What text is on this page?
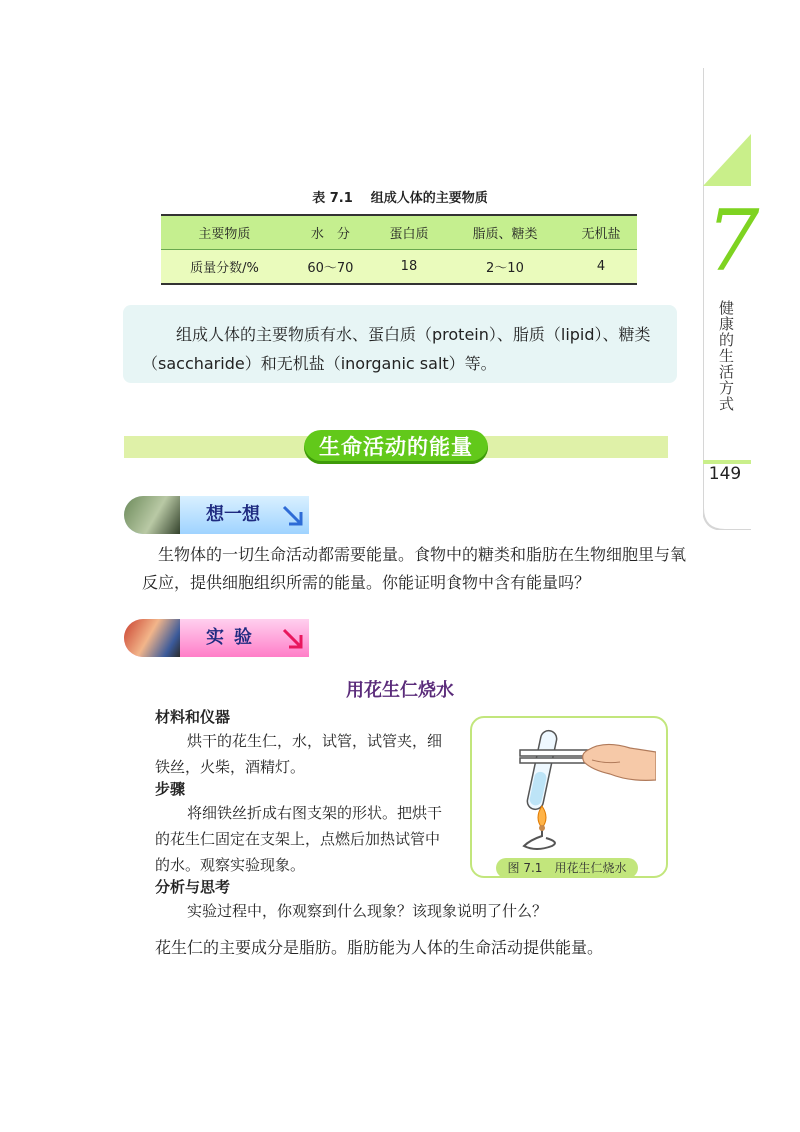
7
健康的生活方式
149
表 7.1 组成人体的主要物质
主要物质	水　分	蛋白质	脂质、糖类	无机盐
质量分数/%	60～70	18	2～10	4
组成人体的主要物质有水、蛋白质（protein）、脂质（lipid）、糖类（saccharide）和无机盐（inorganic salt）等。
生命活动的能量
想一想
生物体的一切生命活动都需要能量。食物中的糖类和脂肪在生物细胞里与氧反应，提供细胞组织所需的能量。你能证明食物中含有能量吗？
实验
用花生仁烧水
材料和仪器
烘干的花生仁，水，试管，试管夹，细铁丝，火柴，酒精灯。
步骤
将细铁丝折成右图支架的形状。把烘干的花生仁固定在支架上，点燃后加热试管中的水。观察实验现象。
分析与思考
实验过程中，你观察到什么现象？该现象说明了什么？
图 7.1　用花生仁烧水
花生仁的主要成分是脂肪。脂肪能为人体的生命活动提供能量。
